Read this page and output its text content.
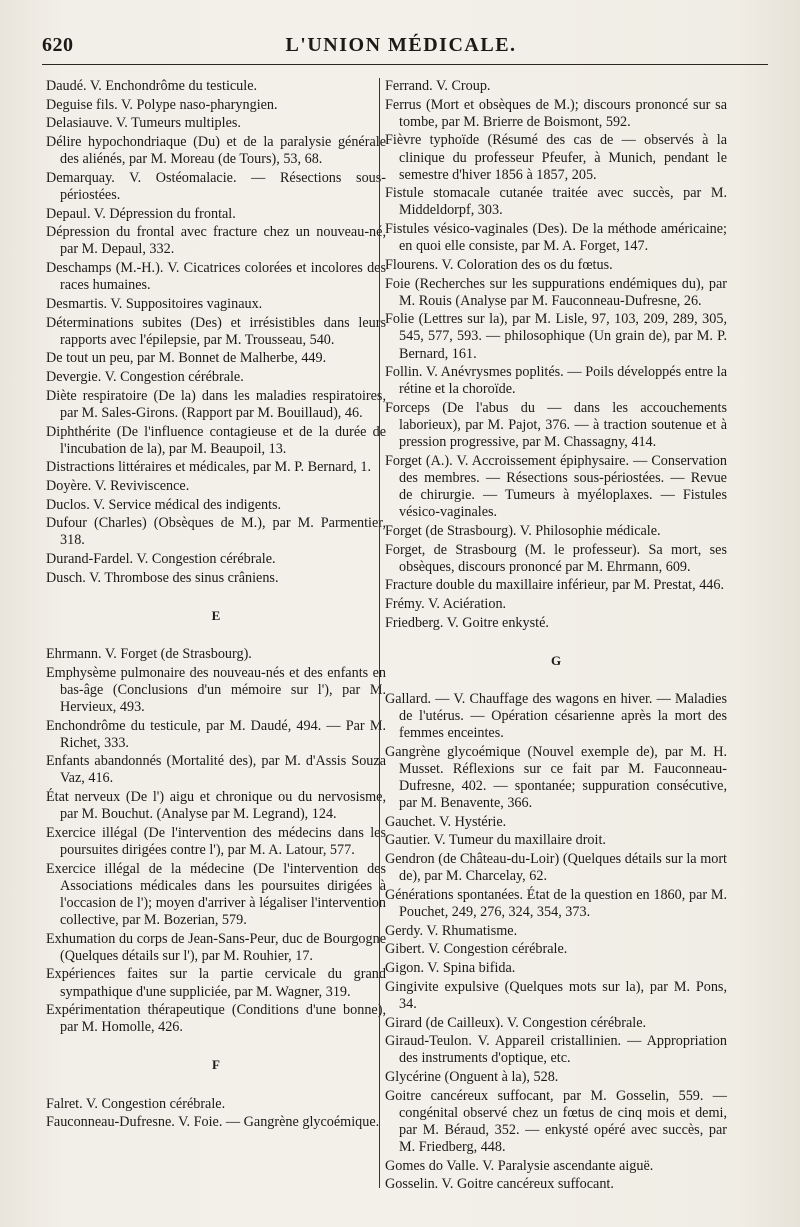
620	L'UNION MÉDICALE.

Daudé. V. Enchondrôme du testicule.

Deguise fils. V. Polype naso-pharyngien.

Delasiauve. V. Tumeurs multiples.

Délire hypochondriaque (Du) et de la paralysie générale des aliénés, par M. Moreau (de Tours), 53, 68.

Demarquay. V. Ostéomalacie. — Résections sous-périostées.

Depaul. V. Dépression du frontal.

Dépression du frontal avec fracture chez un nouveau-né, par M. Depaul, 332.

Deschamps (M.-H.). V. Cicatrices colorées et incolores des races humaines.

Desmartis. V. Suppositoires vaginaux.

Déterminations subites (Des) et irrésistibles dans leurs rapports avec l'épilepsie, par M. Trousseau, 540.

De tout un peu, par M. Bonnet de Malherbe, 449.

Devergie. V. Congestion cérébrale.

Diète respiratoire (De la) dans les maladies respiratoires, par M. Sales-Girons. (Rapport par M. Bouillaud), 46.

Diphthérite (De l'influence contagieuse et de la durée de l'incubation de la), par M. Beaupoil, 13.

Distractions littéraires et médicales, par M. P. Bernard, 1.

Doyère. V. Reviviscence.

Duclos. V. Service médical des indigents.

Dufour (Charles) (Obsèques de M.), par M. Parmentier, 318.

Durand-Fardel. V. Congestion cérébrale.

Dusch. V. Thrombose des sinus crâniens.

E

Ehrmann. V. Forget (de Strasbourg).

Emphysème pulmonaire des nouveau-nés et des enfants en bas-âge (Conclusions d'un mémoire sur l'), par M. Hervieux, 493.

Enchondrôme du testicule, par M. Daudé, 494. — Par M. Richet, 333.

Enfants abandonnés (Mortalité des), par M. d'Assis Souza Vaz, 416.

État nerveux (De l') aigu et chronique ou du nervosisme, par M. Bouchut. (Analyse par M. Legrand), 124.

Exercice illégal (De l'intervention des médecins dans les poursuites dirigées contre l'), par M. A. Latour, 577.

Exercice illégal de la médecine (De l'intervention des Associations médicales dans les poursuites dirigées à l'occasion de l'); moyen d'arriver à légaliser l'intervention collective, par M. Bozerian, 579.

Exhumation du corps de Jean-Sans-Peur, duc de Bourgogne (Quelques détails sur l'), par M. Rouhier, 17.

Expériences faites sur la partie cervicale du grand sympathique d'une suppliciée, par M. Wagner, 319.

Expérimentation thérapeutique (Conditions d'une bonne), par M. Homolle, 426.

F

Falret. V. Congestion cérébrale.

Fauconneau-Dufresne. V. Foie. — Gangrène glycoémique.

Ferrand. V. Croup.

Ferrus (Mort et obsèques de M.); discours prononcé sur sa tombe, par M. Brierre de Boismont, 592.

Fièvre typhoïde (Résumé des cas de — observés à la clinique du professeur Pfeufer, à Munich, pendant le semestre d'hiver 1856 à 1857, 205.

Fistule stomacale cutanée traitée avec succès, par M. Middeldorpf, 303.

Fistules vésico-vaginales (Des). De la méthode américaine; en quoi elle consiste, par M. A. Forget, 147.

Flourens. V. Coloration des os du fœtus.

Foie (Recherches sur les suppurations endémiques du), par M. Rouis (Analyse par M. Fauconneau-Dufresne, 26.

Folie (Lettres sur la), par M. Lisle, 97, 103, 209, 289, 305, 545, 577, 593. — philosophique (Un grain de), par M. P. Bernard, 161.

Follin. V. Anévrysmes poplités. — Poils développés entre la rétine et la choroïde.

Forceps (De l'abus du — dans les accouchements laborieux), par M. Pajot, 376. — à traction soutenue et à pression progressive, par M. Chassagny, 414.

Forget (A.). V. Accroissement épiphysaire. — Conservation des membres. — Résections sous-périostées. — Revue de chirurgie. — Tumeurs à myéloplaxes. — Fistules vésico-vaginales.

Forget (de Strasbourg). V. Philosophie médicale.

Forget, de Strasbourg (M. le professeur). Sa mort, ses obsèques, discours prononcé par M. Ehrmann, 609.

Fracture double du maxillaire inférieur, par M. Prestat, 446.

Frémy. V. Aciération.

Friedberg. V. Goitre enkysté.

G

Gallard. — V. Chauffage des wagons en hiver. — Maladies de l'utérus. — Opération césarienne après la mort des femmes enceintes.

Gangrène glycoémique (Nouvel exemple de), par M. H. Musset. Réflexions sur ce fait par M. Fauconneau-Dufresne, 402. — spontanée; suppuration consécutive, par M. Benavente, 366.

Gauchet. V. Hystérie.

Gautier. V. Tumeur du maxillaire droit.

Gendron (de Château-du-Loir) (Quelques détails sur la mort de), par M. Charcelay, 62.

Générations spontanées. État de la question en 1860, par M. Pouchet, 249, 276, 324, 354, 373.

Gerdy. V. Rhumatisme.

Gibert. V. Congestion cérébrale.

Gigon. V. Spina bifida.

Gingivite expulsive (Quelques mots sur la), par M. Pons, 34.

Girard (de Cailleux). V. Congestion cérébrale.

Giraud-Teulon. V. Appareil cristallinien. — Appropriation des instruments d'optique, etc.

Glycérine (Onguent à la), 528.

Goitre cancéreux suffocant, par M. Gosselin, 559. — congénital observé chez un fœtus de cinq mois et demi, par M. Béraud, 352. — enkysté opéré avec succès, par M. Friedberg, 448.

Gomes do Valle. V. Paralysie ascendante aiguë.

Gosselin. V. Goitre cancéreux suffocant.
